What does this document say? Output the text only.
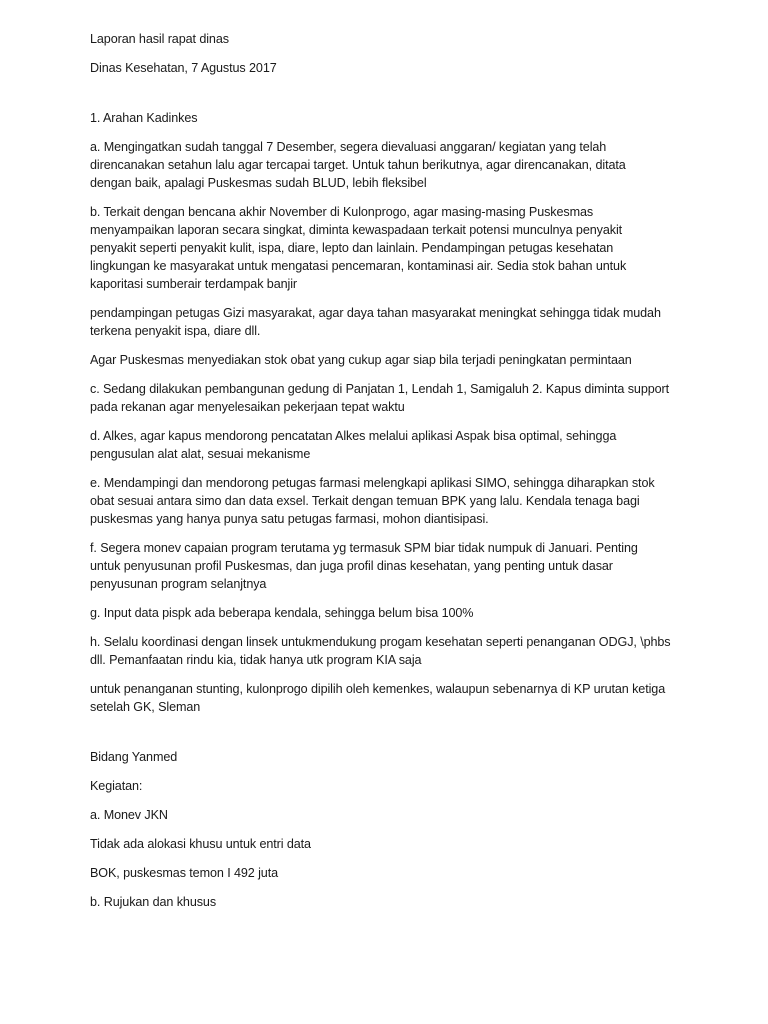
Laporan hasil rapat dinas

Dinas Kesehatan, 7 Agustus 2017

1. Arahan Kadinkes

a. Mengingatkan sudah tanggal 7 Desember, segera dievaluasi anggaran/ kegiatan yang telah
direncanakan setahun lalu agar tercapai target. Untuk tahun berikutnya, agar direncanakan, ditata
dengan baik, apalagi Puskesmas sudah BLUD, lebih fleksibel

b. Terkait dengan bencana akhir November di Kulonprogo, agar masing-masing Puskesmas
menyampaikan laporan secara singkat, diminta kewaspadaan terkait potensi munculnya penyakit
penyakit seperti penyakit kulit, ispa, diare, lepto dan lainlain. Pendampingan petugas kesehatan
lingkungan ke masyarakat untuk mengatasi pencemaran, kontaminasi air. Sedia stok bahan untuk
kaporitasi sumberair terdampak banjir

pendampingan petugas Gizi masyarakat, agar daya tahan masyarakat meningkat sehingga tidak mudah
terkena penyakit ispa, diare dll.

Agar Puskesmas menyediakan stok obat yang cukup agar siap bila terjadi peningkatan permintaan

c. Sedang dilakukan pembangunan gedung di Panjatan 1, Lendah 1, Samigaluh 2. Kapus diminta support
pada rekanan agar menyelesaikan pekerjaan tepat waktu

d. Alkes, agar kapus mendorong pencatatan Alkes melalui aplikasi Aspak bisa optimal, sehingga
pengusulan alat alat, sesuai mekanisme

e. Mendampingi dan mendorong petugas farmasi melengkapi aplikasi SIMO, sehingga diharapkan stok
obat sesuai antara simo dan data exsel. Terkait dengan temuan BPK yang lalu. Kendala tenaga bagi
puskesmas yang hanya punya satu petugas farmasi, mohon diantisipasi.

f. Segera monev capaian program terutama yg termasuk SPM biar tidak numpuk di Januari. Penting
untuk penyusunan profil Puskesmas, dan juga profil dinas kesehatan, yang penting untuk dasar
penyusunan program selanjtnya

g. Input data pispk ada beberapa kendala, sehingga belum bisa 100%

h. Selalu koordinasi dengan linsek untukmendukung progam kesehatan seperti penanganan ODGJ, \phbs
dll. Pemanfaatan rindu kia, tidak hanya utk program KIA saja

untuk penanganan stunting, kulonprogo dipilih oleh kemenkes, walaupun sebenarnya di KP urutan ketiga
setelah GK, Sleman

Bidang Yanmed

Kegiatan:

a. Monev JKN

Tidak ada alokasi khusu untuk entri data

BOK, puskesmas temon I 492 juta

b. Rujukan dan khusus
